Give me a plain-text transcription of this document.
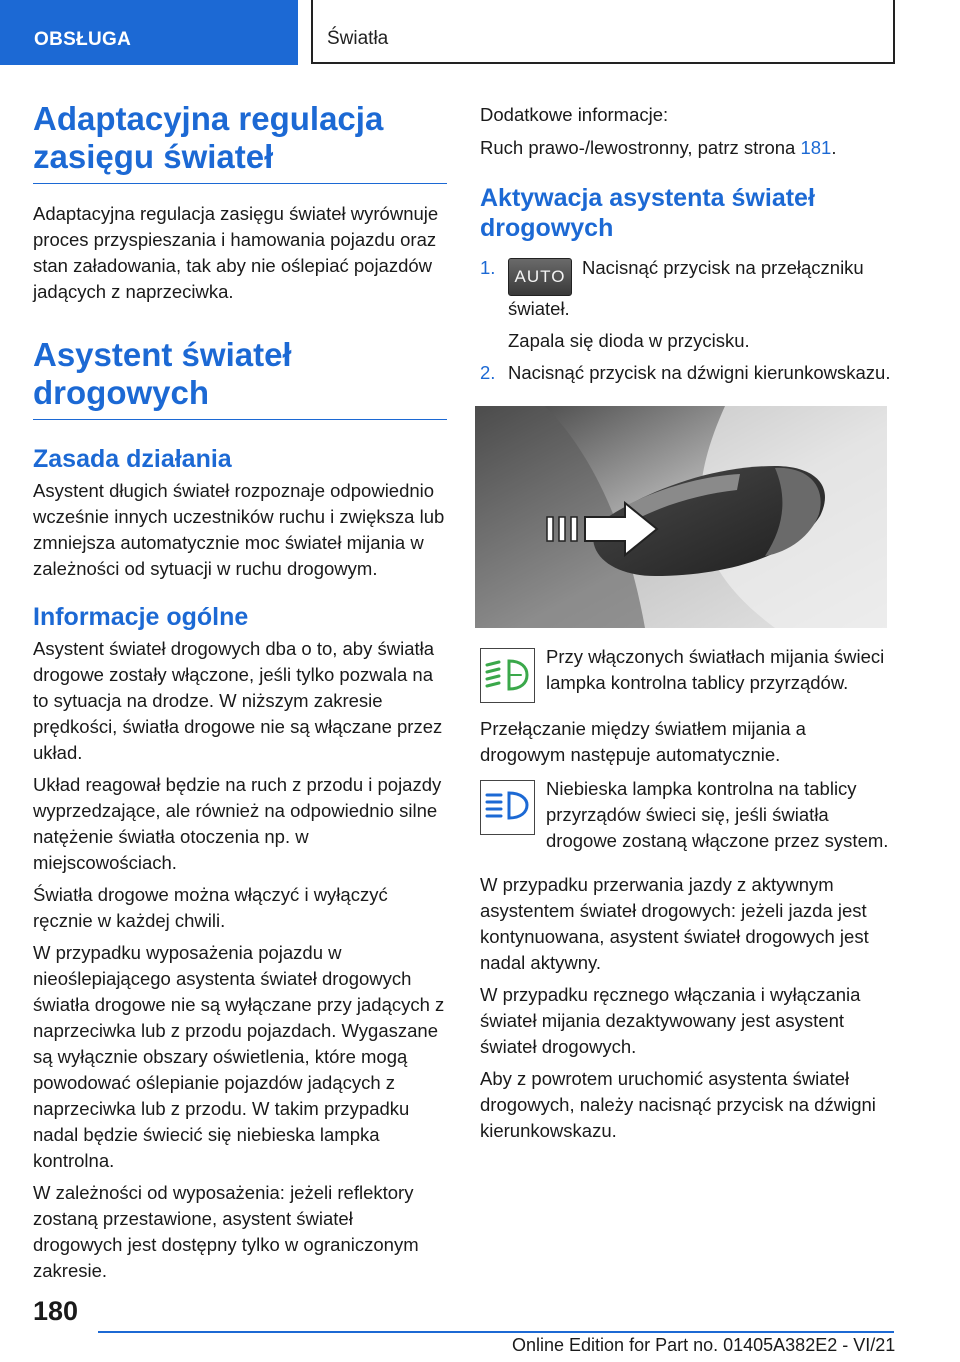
OBSŁUGA	Światła
Adaptacyjna regulacja zasięgu świateł

Adaptacyjna regulacja zasięgu świateł wyrównuje proces przyspieszania i hamowania pojazdu oraz stan załadowania, tak aby nie oślepiać pojazdów jadących z naprzeciwka.

Asystent świateł drogowych
Zasada działania

Asystent długich świateł rozpoznaje odpowiednio wcześnie innych uczestników ruchu i zwiększa lub zmniejsza automatycznie moc świateł mijania w zależności od sytuacji w ruchu drogowym.

Informacje ogólne

Asystent świateł drogowych dba o to, aby światła drogowe zostały włączone, jeśli tylko pozwala na to sytuacja na drodze. W niższym zakresie prędkości, światła drogowe nie są włączane przez układ.

Układ reagował będzie na ruch z przodu i pojazdy wyprzedzające, ale również na odpowiednio silne natężenie światła otoczenia np. w miejscowościach.

Światła drogowe można włączyć i wyłączyć ręcznie w każdej chwili.

W przypadku wyposażenia pojazdu w nieoślepiającego asystenta świateł drogowych światła drogowe nie są wyłączane przy jadących z naprzeciwka lub z przodu pojazdach. Wygaszane są wyłącznie obszary oświetlenia, które mogą powodować oślepianie pojazdów jadących z naprzeciwka lub z przodu. W takim przypadku nadal będzie świecić się niebieska lampka kontrolna.

W zależności od wyposażenia: jeżeli reflektory zostaną przestawione, asystent świateł drogowych jest dostępny tylko w ograniczonym zakresie.

Dodatkowe informacje:

Ruch prawo-/lewostronny, patrz strona 181.

Aktywacja asystenta świateł drogowych
1.	AUTO Nacisnąć przycisk na przełączniku świateł.

Zapala się dioda w przycisku.

2. Nacisnąć przycisk na dźwigni kierunkowskazu.

Przy włączonych światłach mijania świeci lampka kontrolna tablicy przyrządów.

Przełączanie między światłem mijania a drogowym następuje automatycznie.

Niebieska lampka kontrolna na tablicy przyrządów świeci się, jeśli światła drogowe zostaną włączone przez system.

W przypadku przerwania jazdy z aktywnym asystentem świateł drogowych: jeżeli jazda jest kontynuowana, asystent świateł drogowych jest nadal aktywny.

W przypadku ręcznego włączania i wyłączania świateł mijania dezaktywowany jest asystent świateł drogowych.

Aby z powrotem uruchomić asystenta świateł drogowych, należy nacisnąć przycisk na dźwigni kierunkowskazu.

180
Online Edition for Part no. 01405A382E2 - VI/21
